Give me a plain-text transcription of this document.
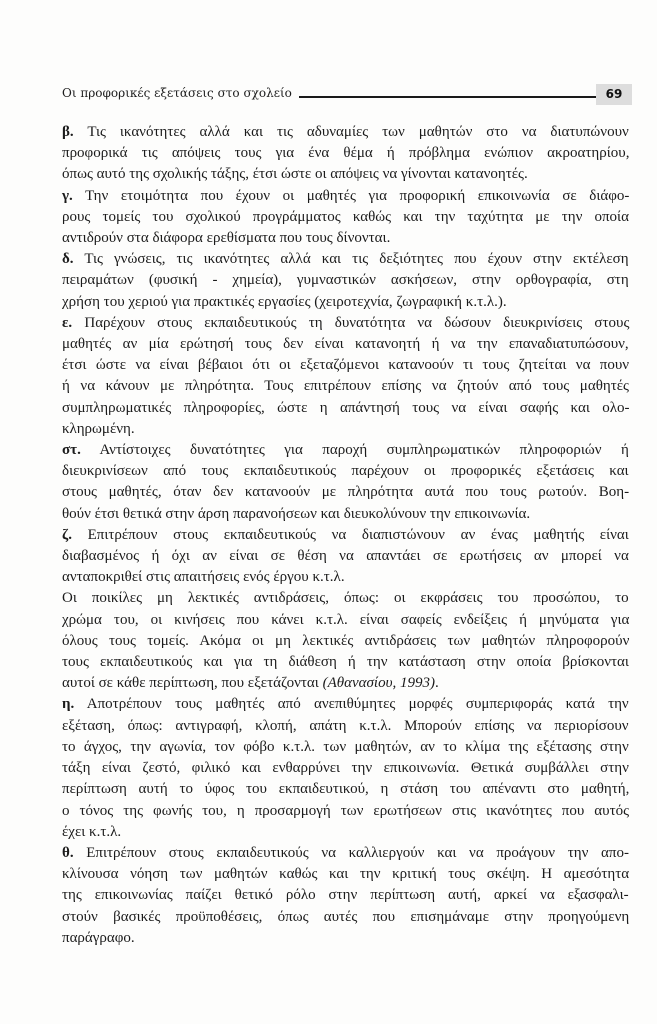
Οι προφορικές εξετάσεις στο σχολείο	69

β. Τις ικανότητες αλλά και τις αδυναμίες των μαθητών στο να διατυπώνουν
προφορικά τις απόψεις τους για ένα θέμα ή πρόβλημα ενώπιον ακροατηρίου,
όπως αυτό της σχολικής τάξης, έτσι ώστε οι απόψεις να γίνονται κατανοητές.

γ. Την ετοιμότητα που έχουν οι μαθητές για προφορική επικοινωνία σε διάφο-
ρους τομείς του σχολικού προγράμματος καθώς και την ταχύτητα με την οποία
αντιδρούν στα διάφορα ερεθίσματα που τους δίνονται.

δ. Τις γνώσεις, τις ικανότητες αλλά και τις δεξιότητες που έχουν στην εκτέλεση
πειραμάτων (φυσική - χημεία), γυμναστικών ασκήσεων, στην ορθογραφία, στη
χρήση του χεριού για πρακτικές εργασίες (χειροτεχνία, ζωγραφική κ.τ.λ.).

ε. Παρέχουν στους εκπαιδευτικούς τη δυνατότητα να δώσουν διευκρινίσεις στους
μαθητές αν μία ερώτησή τους δεν είναι κατανοητή ή να την επαναδιατυπώσουν,
έτσι ώστε να είναι βέβαιοι ότι οι εξεταζόμενοι κατανοούν τι τους ζητείται να πουν
ή να κάνουν με πληρότητα. Τους επιτρέπουν επίσης να ζητούν από τους μαθητές
συμπληρωματικές πληροφορίες, ώστε η απάντησή τους να είναι σαφής και ολο-
κληρωμένη.

στ. Αντίστοιχες δυνατότητες για παροχή συμπληρωματικών πληροφοριών ή
διευκρινίσεων από τους εκπαιδευτικούς παρέχουν οι προφορικές εξετάσεις και
στους μαθητές, όταν δεν κατανοούν με πληρότητα αυτά που τους ρωτούν. Βοη-
θούν έτσι θετικά στην άρση παρανοήσεων και διευκολύνουν την επικοινωνία.

ζ. Επιτρέπουν στους εκπαιδευτικούς να διαπιστώνουν αν ένας μαθητής είναι
διαβασμένος ή όχι αν είναι σε θέση να απαντάει σε ερωτήσεις αν μπορεί να
ανταποκριθεί στις απαιτήσεις ενός έργου κ.τ.λ.

Οι ποικίλες μη λεκτικές αντιδράσεις, όπως: οι εκφράσεις του προσώπου, το
χρώμα του, οι κινήσεις που κάνει κ.τ.λ. είναι σαφείς ενδείξεις ή μηνύματα για
όλους τους τομείς. Ακόμα οι μη λεκτικές αντιδράσεις των μαθητών πληροφορούν
τους εκπαιδευτικούς και για τη διάθεση ή την κατάσταση στην οποία βρίσκονται
αυτοί σε κάθε περίπτωση, που εξετάζονται (Αθανασίου, 1993).

η. Αποτρέπουν τους μαθητές από ανεπιθύμητες μορφές συμπεριφοράς κατά την
εξέταση, όπως: αντιγραφή, κλοπή, απάτη κ.τ.λ. Μπορούν επίσης να περιορίσουν
το άγχος, την αγωνία, τον φόβο κ.τ.λ. των μαθητών, αν το κλίμα της εξέτασης στην
τάξη είναι ζεστό, φιλικό και ενθαρρύνει την επικοινωνία. Θετικά συμβάλλει στην
περίπτωση αυτή το ύφος του εκπαιδευτικού, η στάση του απέναντι στο μαθητή,
ο τόνος της φωνής του, η προσαρμογή των ερωτήσεων στις ικανότητες που αυτός
έχει κ.τ.λ.

θ. Επιτρέπουν στους εκπαιδευτικούς να καλλιεργούν και να προάγουν την απο-
κλίνουσα νόηση των μαθητών καθώς και την κριτική τους σκέψη. Η αμεσότητα
της επικοινωνίας παίζει θετικό ρόλο στην περίπτωση αυτή, αρκεί να εξασφαλι-
στούν βασικές προϋποθέσεις, όπως αυτές που επισημάναμε στην προηγούμενη
παράγραφο.
